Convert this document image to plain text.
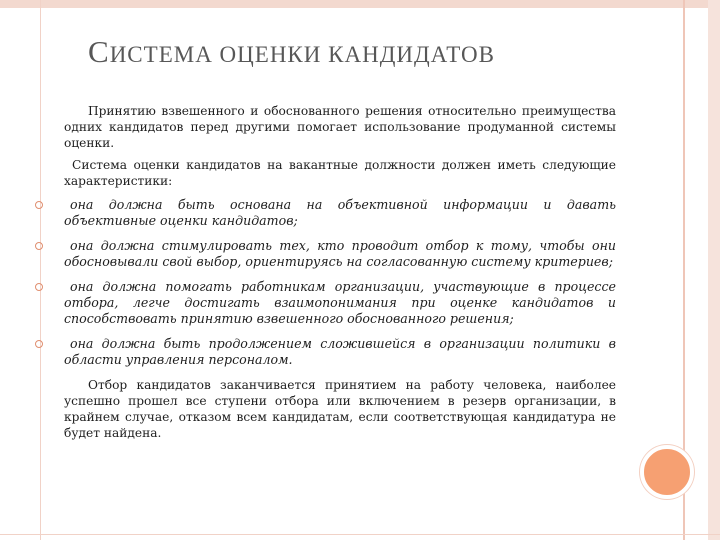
СИСТЕМА ОЦЕНКИ КАНДИДАТОВ

Принятию взвешенного и обоснованного решения относительно преимущества одних кандидатов перед другими помогает использование продуманной системы оценки.

Система оценки кандидатов на вакантные должности должен иметь следующие характеристики:

она должна быть основана на объективной информации и давать объективные оценки кандидатов;
она должна стимулировать тех, кто проводит отбор к тому, чтобы они обосновывали свой выбор, ориентируясь на согласованную систему критериев;
она должна помогать работникам организации, участвующие в процессе отбора, легче достигать взаимопонимания при оценке кандидатов и способствовать принятию взвешенного обоснованного решения;
она должна быть продолжением сложившейся в организации политики в области управления персоналом.

Отбор кандидатов заканчивается принятием на работу человека, наиболее успешно прошел все ступени отбора или включением в резерв организации, в крайнем случае, отказом всем кандидатам, если соответствующая кандидатура не будет найдена.
